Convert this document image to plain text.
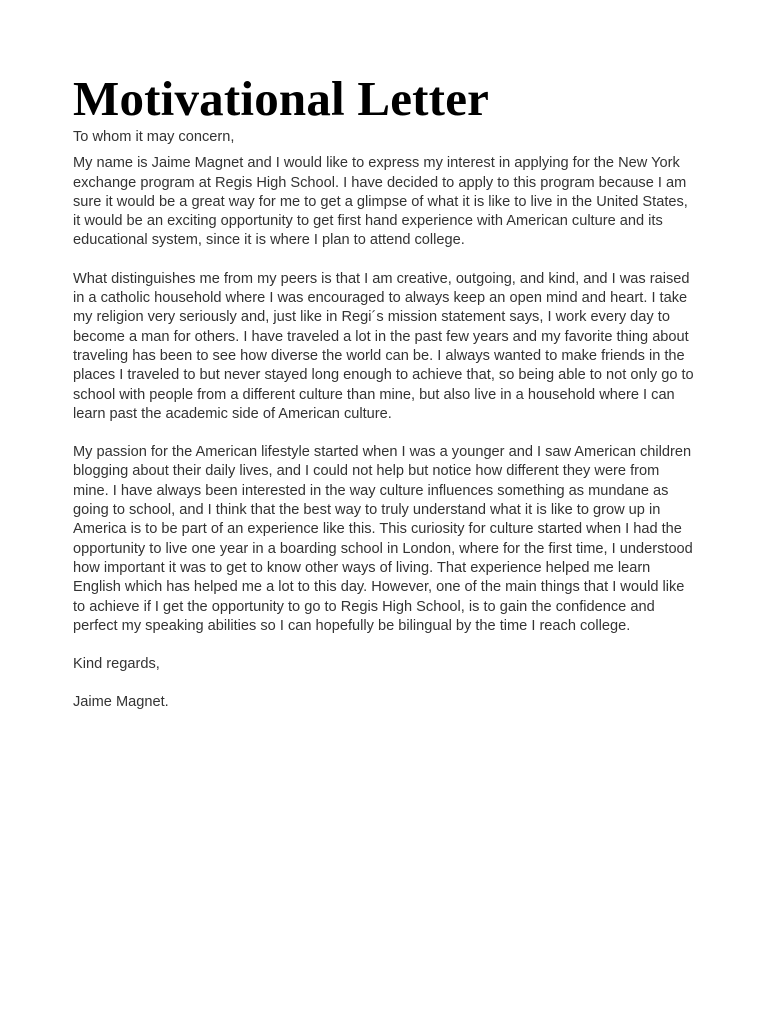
Motivational Letter

To whom it may concern,

My name is Jaime Magnet and I would like to express my interest in applying for the New York exchange program at Regis High School. I have decided to apply to this program because I am sure it would be a great way for me to get a glimpse of what it is like to live in the United States, it would be an exciting opportunity to get first hand experience with American culture and its educational system, since it is where I plan to attend college.

What distinguishes me from my peers is that I am creative, outgoing, and kind, and I was raised in a catholic household where I was encouraged to always keep an open mind and heart. I take my religion very seriously and, just like in Regi´s mission statement says, I work every day to become a man for others. I have traveled a lot in the past few years and my favorite thing about traveling has been to see how diverse the world can be. I always wanted to make friends in the places I traveled to but never stayed long enough to achieve that, so being able to not only go to school with people from a different culture than mine, but also live in a household where I can learn past the academic side of American culture.

My passion for the American lifestyle started when I was a younger and I saw American children blogging about their daily lives, and I could not help but notice how different they were from mine. I have always been interested in the way culture influences something as mundane as going to school, and I think that the best way to truly understand what it is like to grow up in America is to be part of an experience like this. This curiosity for culture started when I had the opportunity to live one year in a boarding school in London, where for the first time, I understood how important it was to get to know other ways of living. That experience helped me learn English which has helped me a lot to this day. However, one of the main things that I would like to achieve if I get the opportunity to go to Regis High School, is to gain the confidence and perfect my speaking abilities so I can hopefully be bilingual by the time I reach college.

Kind regards,

Jaime Magnet.
